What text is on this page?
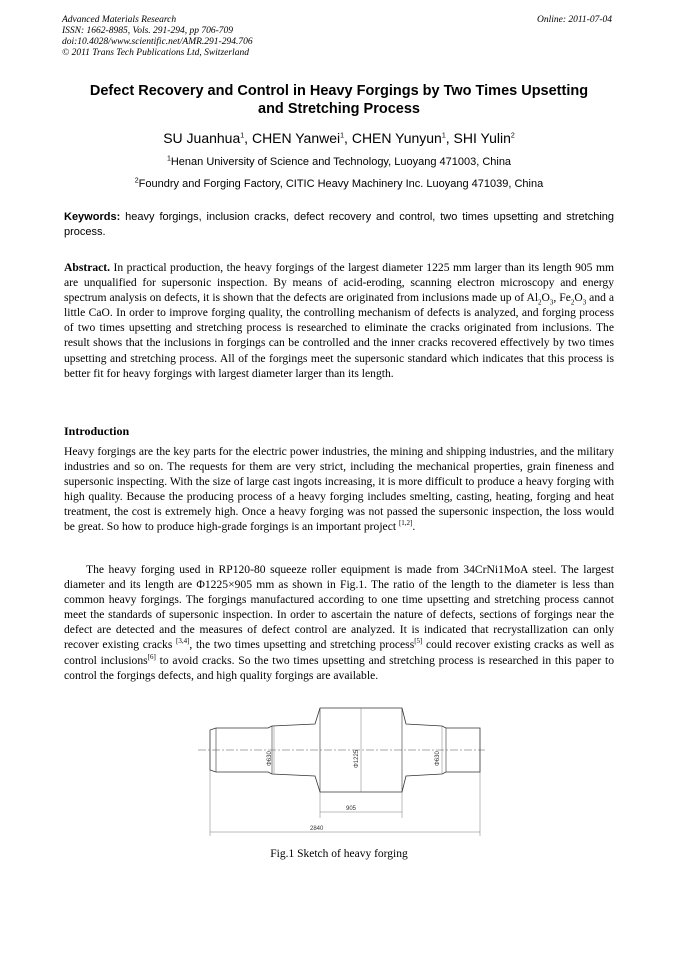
Advanced Materials Research
ISSN: 1662-8985, Vols. 291-294, pp 706-709
doi:10.4028/www.scientific.net/AMR.291-294.706
© 2011 Trans Tech Publications Ltd, Switzerland
Online: 2011-07-04
Defect Recovery and Control in Heavy Forgings by Two Times Upsetting
and Stretching Process
SU Juanhua$^1$, CHEN Yanwei$^1$, CHEN Yunyun$^1$, SHI Yulin$^2$
$^1$Henan University of Science and Technology, Luoyang 471003, China
$^2$Foundry and Forging Factory, CITIC Heavy Machinery Inc. Luoyang 471039, China
Keywords: heavy forgings, inclusion cracks, defect recovery and control, two times upsetting and stretching process.
Abstract. In practical production, the heavy forgings of the largest diameter 1225 mm larger than its length 905 mm are unqualified for supersonic inspection. By means of acid-eroding, scanning electron microscopy and energy spectrum analysis on defects, it is shown that the defects are originated from inclusions made up of $Al_2O_3$, $Fe_2O_3$ and a little CaO. In order to improve forging quality, the controlling mechanism of defects is analyzed, and forging process of two times upsetting and stretching process is researched to eliminate the cracks originated from inclusions. The result shows that the inclusions in forgings can be controlled and the inner cracks recovered effectively by two times upsetting and stretching process. All of the forgings meet the supersonic standard which indicates that this process is better fit for heavy forgings with largest diameter larger than its length.
Introduction
Heavy forgings are the key parts for the electric power industries, the mining and shipping industries, and the military industries and so on. The requests for them are very strict, including the mechanical properties, grain fineness and supersonic inspecting. With the size of large cast ingots increasing, it is more difficult to produce a heavy forging with high quality. Because the producing process of a heavy forging includes smelting, casting, heating, forging and heat treatment, the cost is extremely high. Once a heavy forging was not passed the supersonic inspection, the loss would be great. So how to produce high-grade forgings is an important project [1,2].
The heavy forging used in RP120-80 squeeze roller equipment is made from 34CrNi1MoA steel. The largest diameter and its length are Φ1225×905 mm as shown in Fig.1. The ratio of the length to the diameter is less than common heavy forgings. The forgings manufactured according to one time upsetting and stretching process cannot meet the standards of supersonic inspection. In order to ascertain the nature of defects, sections of forgings near the defect are detected and the measures of defect control are analyzed. It is indicated that recrystallization can only recover existing cracks [3,4], the two times upsetting and stretching process[5] could recover existing cracks as well as control inclusions[6] to avoid cracks. So the two times upsetting and stretching process is researched in this paper to control the forgings defects, and high quality forgings are available.
Φ630	Φ1225	Φ630
905
2840
Fig.1 Sketch of heavy forging
